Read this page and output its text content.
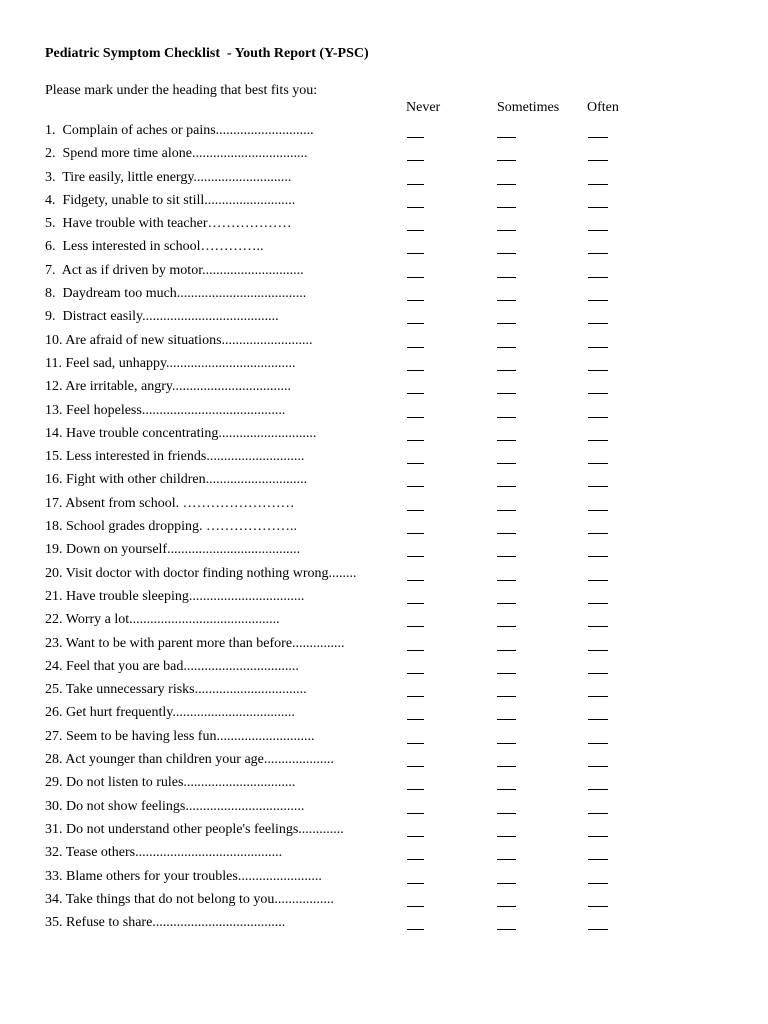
Pediatric Symptom Checklist  - Youth Report (Y-PSC)
Please mark under the heading that best fits you:
Never	Sometimes Often
1.  Complain of aches or pains............................
2.  Spend more time alone.................................
3.  Tire easily, little energy............................
4.  Fidgety, unable to sit still..........................
5.  Have trouble with teacher………………
6.  Less interested in school…………..
7.  Act as if driven by motor.............................
8.  Daydream too much.....................................
9.  Distract easily.......................................
10. Are afraid of new situations..........................
11. Feel sad, unhappy.....................................
12. Are irritable, angry..................................
13. Feel hopeless.........................................
14. Have trouble concentrating............................
15. Less interested in friends............................
16. Fight with other children.............................
17. Absent from school. ……………………
18. School grades dropping. ………………..
19. Down on yourself......................................
20. Visit doctor with doctor finding nothing wrong........
21. Have trouble sleeping.................................
22. Worry a lot...........................................
23. Want to be with parent more than before...............
24. Feel that you are bad.................................
25. Take unnecessary risks................................
26. Get hurt frequently...................................
27. Seem to be having less fun............................
28. Act younger than children your age....................
29. Do not listen to rules................................
30. Do not show feelings..................................
31. Do not understand other people's feelings.............
32. Tease others..........................................
33. Blame others for your troubles........................
34. Take things that do not belong to you.................
35. Refuse to share......................................
